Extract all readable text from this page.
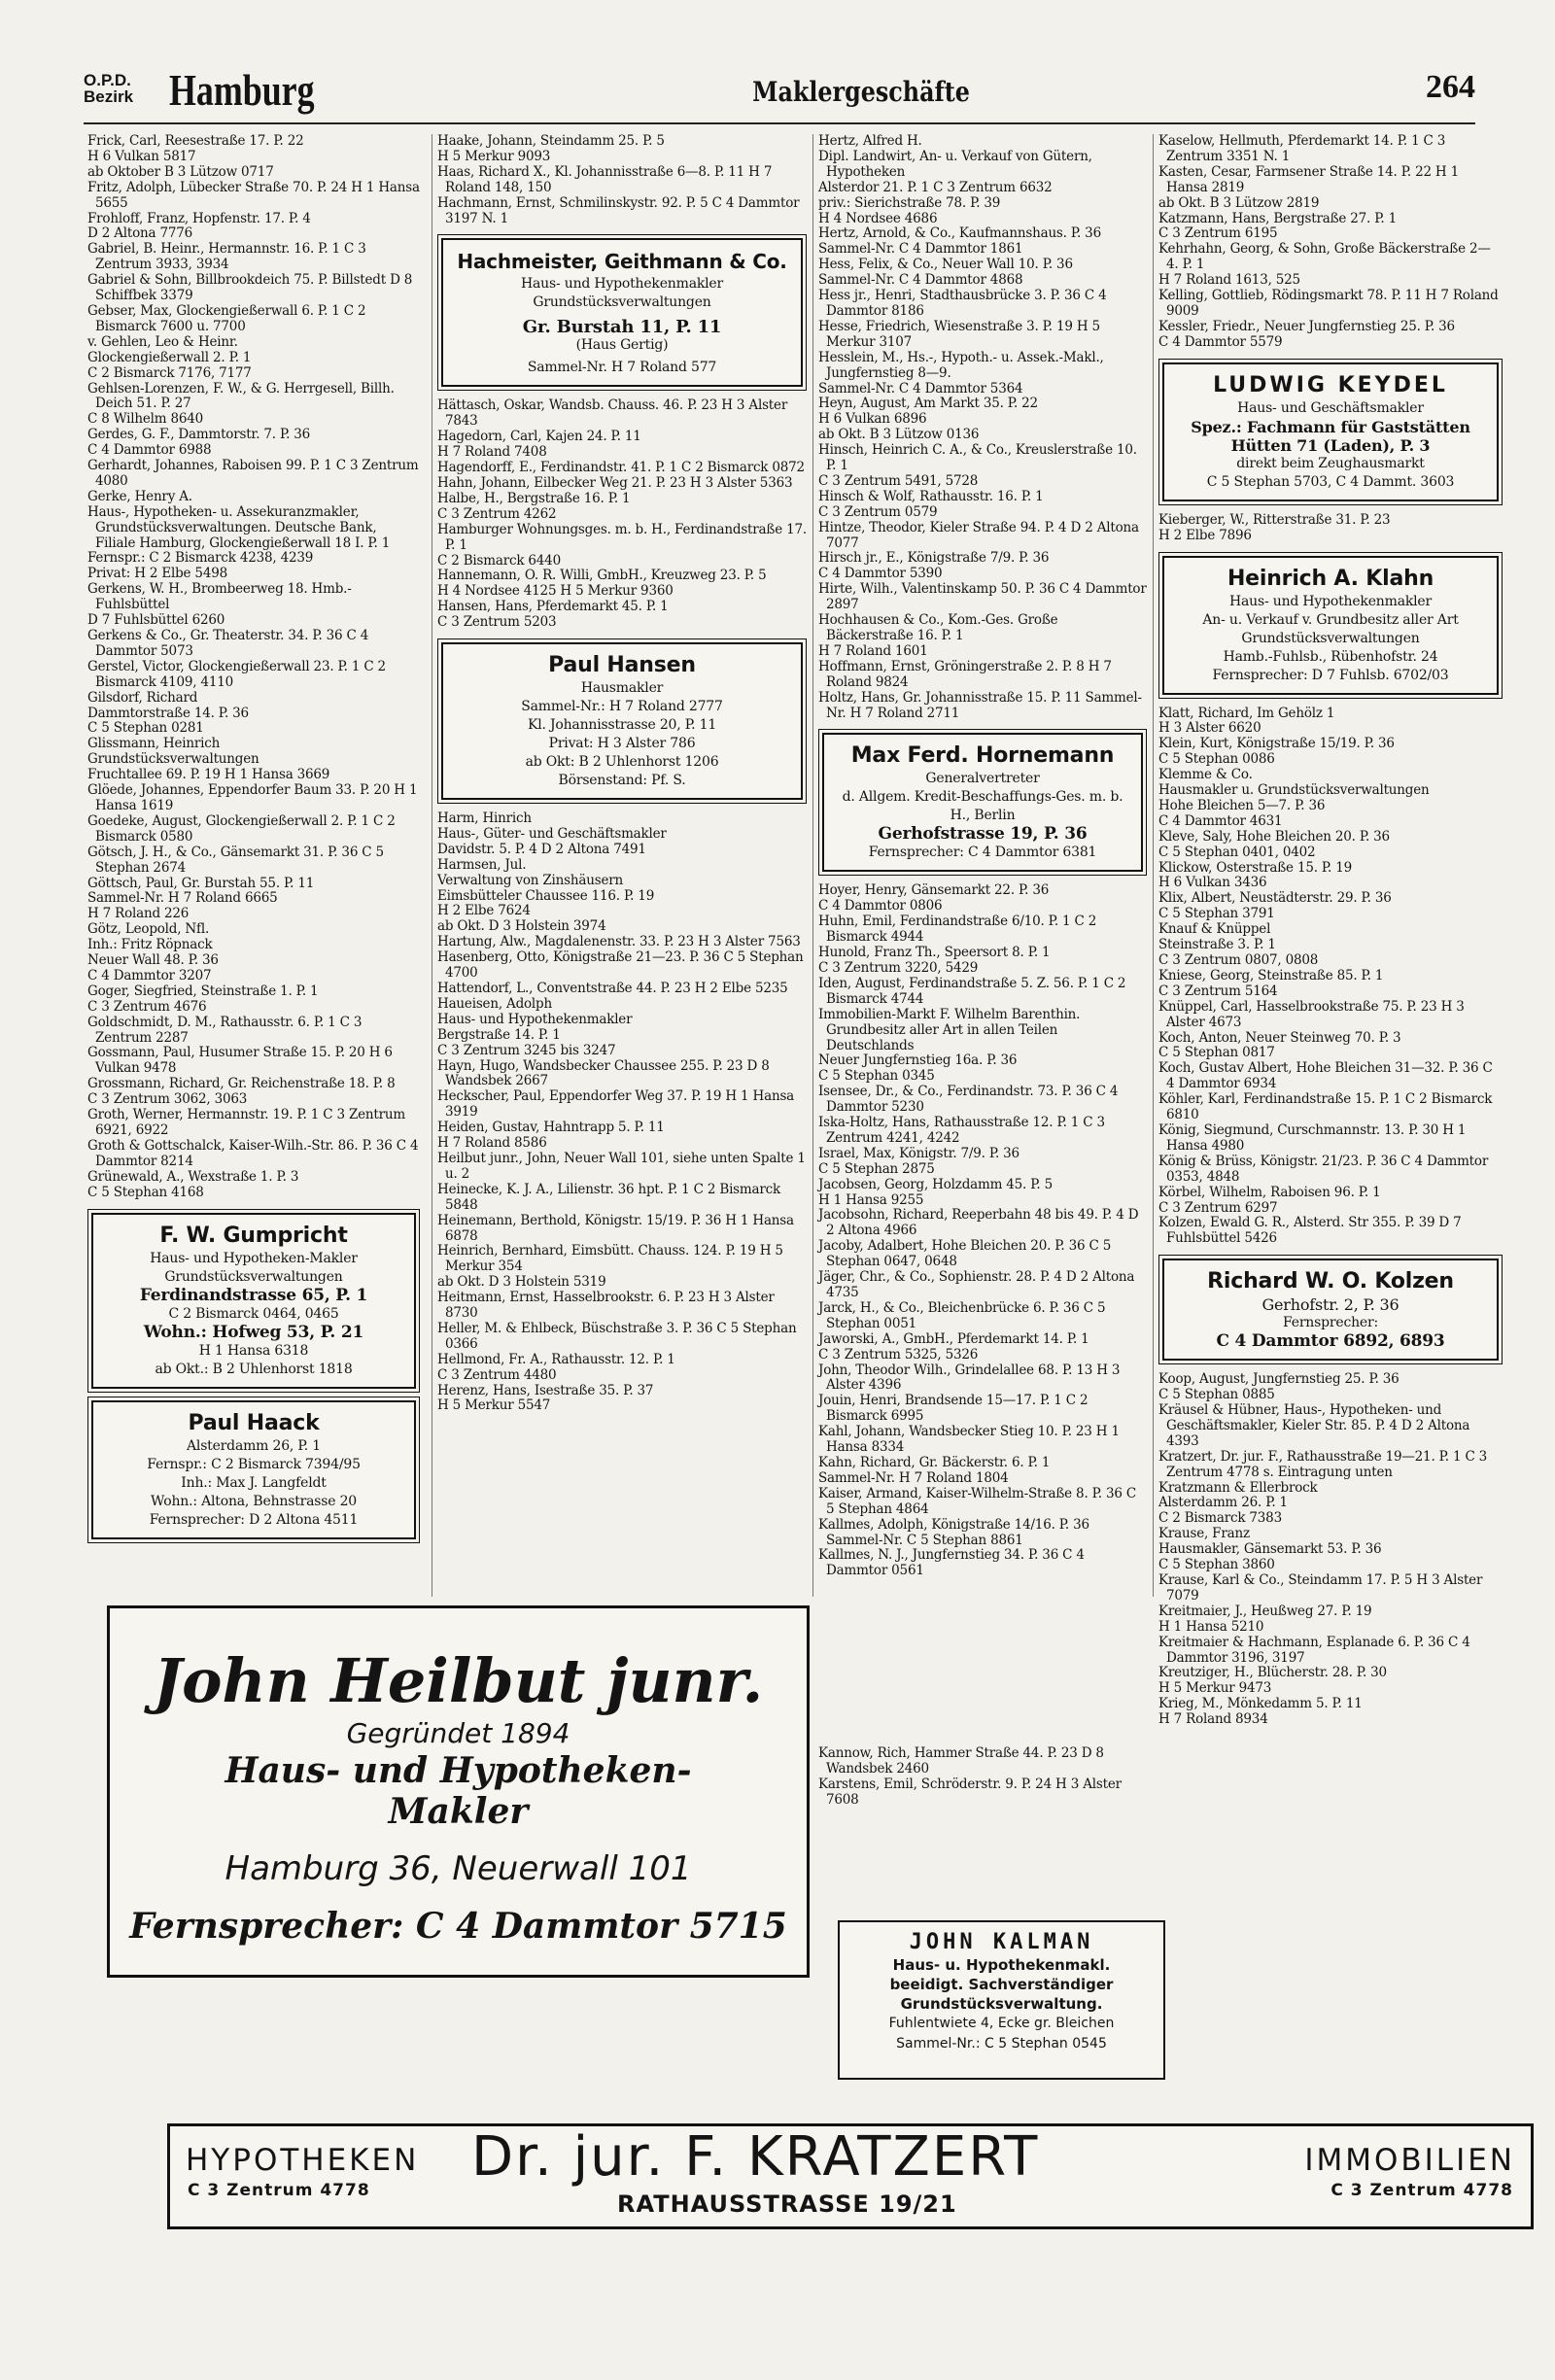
O.P.D.
Bezirk Hamburg	Maklergeschäfte	264

Frick, Carl, Reesestraße 17. P. 22

H 6 Vulkan 5817

ab Oktober B 3 Lützow 0717

Fritz, Adolph, Lübecker Straße 70. P. 24 H 1 Hansa 5655

Frohloff, Franz, Hopfenstr. 17. P. 4

D 2 Altona 7776

Gabriel, B. Heinr., Hermannstr. 16. P. 1 C 3 Zentrum 3933, 3934

Gabriel & Sohn, Billbrookdeich 75. P. Billstedt D 8 Schiffbek 3379

Gebser, Max, Glockengießerwall 6. P. 1 C 2 Bismarck 7600 u. 7700

v. Gehlen, Leo & Heinr.

Glockengießerwall 2. P. 1

C 2 Bismarck 7176, 7177

Gehlsen-Lorenzen, F. W., & G. Herrgesell, Billh. Deich 51. P. 27

C 8 Wilhelm 8640

Gerdes, G. F., Dammtorstr. 7. P. 36

C 4 Dammtor 6988

Gerhardt, Johannes, Raboisen 99. P. 1 C 3 Zentrum 4080

Gerke, Henry A.

Haus-, Hypotheken- u. Assekuranzmakler, Grundstücksverwaltungen. Deutsche Bank, Filiale Hamburg, Glockengießerwall 18 I. P. 1

Fernspr.: C 2 Bismarck 4238, 4239

Privat: H 2 Elbe 5498

Gerkens, W. H., Brombeerweg 18. Hmb.-Fuhlsbüttel

D 7 Fuhlsbüttel 6260

Gerkens & Co., Gr. Theaterstr. 34. P. 36 C 4 Dammtor 5073

Gerstel, Victor, Glockengießerwall 23. P. 1 C 2 Bismarck 4109, 4110

Gilsdorf, Richard

Dammtorstraße 14. P. 36

C 5 Stephan 0281

Glissmann, Heinrich

Grundstücksverwaltungen

Fruchtallee 69. P. 19 H 1 Hansa 3669

Glöede, Johannes, Eppendorfer Baum 33. P. 20 H 1 Hansa 1619

Goedeke, August, Glockengießerwall 2. P. 1 C 2 Bismarck 0580

Götsch, J. H., & Co., Gänsemarkt 31. P. 36 C 5 Stephan 2674

Göttsch, Paul, Gr. Burstah 55. P. 11

Sammel-Nr. H 7 Roland 6665

H 7 Roland 226

Götz, Leopold, Nfl.

Inh.: Fritz Röpnack

Neuer Wall 48. P. 36

C 4 Dammtor 3207

Goger, Siegfried, Steinstraße 1. P. 1

C 3 Zentrum 4676

Goldschmidt, D. M., Rathausstr. 6. P. 1 C 3 Zentrum 2287

Gossmann, Paul, Husumer Straße 15. P. 20 H 6 Vulkan 9478

Grossmann, Richard, Gr. Reichenstraße 18. P. 8

C 3 Zentrum 3062, 3063

Groth, Werner, Hermannstr. 19. P. 1 C 3 Zentrum 6921, 6922

Groth & Gottschalck, Kaiser-Wilh.-Str. 86. P. 36 C 4 Dammtor 8214

Grünewald, A., Wexstraße 1. P. 3

C 5 Stephan 4168

F. W. Gumpricht
Haus- und Hypotheken-Makler
Grundstücksverwaltungen
Ferdinandstrasse 65, P. 1
C 2 Bismarck 0464, 0465
Wohn.: Hofweg 53, P. 21
H 1 Hansa 6318
ab Okt.: B 2 Uhlenhorst 1818
Paul Haack
Alsterdamm 26, P. 1
Fernspr.: C 2 Bismarck 7394/95
Inh.: Max J. Langfeldt
Wohn.: Altona, Behnstrasse 20
Fernsprecher: D 2 Altona 4511

Haake, Johann, Steindamm 25. P. 5

H 5 Merkur 9093

Haas, Richard X., Kl. Johannisstraße 6—8. P. 11 H 7 Roland 148, 150

Hachmann, Ernst, Schmilinskystr. 92. P. 5 C 4 Dammtor 3197 N. 1

Hachmeister, Geithmann & Co.
Haus- und Hypothekenmakler
Grundstücksverwaltungen
Gr. Burstah 11, P. 11
(Haus Gertig)
Sammel-Nr. H 7 Roland 577

Hättasch, Oskar, Wandsb. Chauss. 46. P. 23 H 3 Alster 7843

Hagedorn, Carl, Kajen 24. P. 11

H 7 Roland 7408

Hagendorff, E., Ferdinandstr. 41. P. 1 C 2 Bismarck 0872

Hahn, Johann, Eilbecker Weg 21. P. 23 H 3 Alster 5363

Halbe, H., Bergstraße 16. P. 1

C 3 Zentrum 4262

Hamburger Wohnungsges. m. b. H., Ferdinandstraße 17. P. 1

C 2 Bismarck 6440

Hannemann, O. R. Willi, GmbH., Kreuzweg 23. P. 5

H 4 Nordsee 4125 H 5 Merkur 9360

Hansen, Hans, Pferdemarkt 45. P. 1

C 3 Zentrum 5203

Paul Hansen
Hausmakler
Sammel-Nr.: H 7 Roland 2777
Kl. Johannisstrasse 20, P. 11
Privat: H 3 Alster 786
ab Okt: B 2 Uhlenhorst 1206
Börsenstand: Pf. S.

Harm, Hinrich

Haus-, Güter- und Geschäftsmakler

Davidstr. 5. P. 4 D 2 Altona 7491

Harmsen, Jul.

Verwaltung von Zinshäusern

Eimsbütteler Chaussee 116. P. 19

H 2 Elbe 7624

ab Okt. D 3 Holstein 3974

Hartung, Alw., Magdalenenstr. 33. P. 23 H 3 Alster 7563

Hasenberg, Otto, Königstraße 21—23. P. 36 C 5 Stephan 4700

Hattendorf, L., Conventstraße 44. P. 23 H 2 Elbe 5235

Haueisen, Adolph

Haus- und Hypothekenmakler

Bergstraße 14. P. 1

C 3 Zentrum 3245 bis 3247

Hayn, Hugo, Wandsbecker Chaussee 255. P. 23 D 8 Wandsbek 2667

Heckscher, Paul, Eppendorfer Weg 37. P. 19 H 1 Hansa 3919

Heiden, Gustav, Hahntrapp 5. P. 11

H 7 Roland 8586

Heilbut junr., John, Neuer Wall 101, siehe unten Spalte 1 u. 2

Heinecke, K. J. A., Lilienstr. 36 hpt. P. 1 C 2 Bismarck 5848

Heinemann, Berthold, Königstr. 15/19. P. 36 H 1 Hansa 6878

Heinrich, Bernhard, Eimsbütt. Chauss. 124. P. 19 H 5 Merkur 354

ab Okt. D 3 Holstein 5319

Heitmann, Ernst, Hasselbrookstr. 6. P. 23 H 3 Alster 8730

Heller, M. & Ehlbeck, Büschstraße 3. P. 36 C 5 Stephan 0366

Hellmond, Fr. A., Rathausstr. 12. P. 1

C 3 Zentrum 4480

Herenz, Hans, Isestraße 35. P. 37

H 5 Merkur 5547

Hertz, Alfred H.

Dipl. Landwirt, An- u. Verkauf von Gütern, Hypotheken

Alsterdor 21. P. 1 C 3 Zentrum 6632

priv.: Sierichstraße 78. P. 39

H 4 Nordsee 4686

Hertz, Arnold, & Co., Kaufmannshaus. P. 36

Sammel-Nr. C 4 Dammtor 1861

Hess, Felix, & Co., Neuer Wall 10. P. 36

Sammel-Nr. C 4 Dammtor 4868

Hess jr., Henri, Stadthausbrücke 3. P. 36 C 4 Dammtor 8186

Hesse, Friedrich, Wiesenstraße 3. P. 19 H 5 Merkur 3107

Hesslein, M., Hs.-, Hypoth.- u. Assek.-Makl., Jungfernstieg 8—9.

Sammel-Nr. C 4 Dammtor 5364

Heyn, August, Am Markt 35. P. 22

H 6 Vulkan 6896

ab Okt. B 3 Lützow 0136

Hinsch, Heinrich C. A., & Co., Kreuslerstraße 10. P. 1

C 3 Zentrum 5491, 5728

Hinsch & Wolf, Rathausstr. 16. P. 1

C 3 Zentrum 0579

Hintze, Theodor, Kieler Straße 94. P. 4 D 2 Altona 7077

Hirsch jr., E., Königstraße 7/9. P. 36

C 4 Dammtor 5390

Hirte, Wilh., Valentinskamp 50. P. 36 C 4 Dammtor 2897

Hochhausen & Co., Kom.-Ges. Große Bäckerstraße 16. P. 1

H 7 Roland 1601

Hoffmann, Ernst, Gröningerstraße 2. P. 8 H 7 Roland 9824

Holtz, Hans, Gr. Johannisstraße 15. P. 11 Sammel-Nr. H 7 Roland 2711

Max Ferd. Hornemann
Generalvertreter
d. Allgem. Kredit-Beschaffungs-Ges. m. b. H., Berlin
Gerhofstrasse 19, P. 36
Fernsprecher: C 4 Dammtor 6381

Hoyer, Henry, Gänsemarkt 22. P. 36

C 4 Dammtor 0806

Huhn, Emil, Ferdinandstraße 6/10. P. 1 C 2 Bismarck 4944

Hunold, Franz Th., Speersort 8. P. 1

C 3 Zentrum 3220, 5429

Iden, August, Ferdinandstraße 5. Z. 56. P. 1 C 2 Bismarck 4744

Immobilien-Markt F. Wilhelm Barenthin. Grundbesitz aller Art in allen Teilen Deutschlands

Neuer Jungfernstieg 16a. P. 36

C 5 Stephan 0345

Isensee, Dr., & Co., Ferdinandstr. 73. P. 36 C 4 Dammtor 5230

Iska-Holtz, Hans, Rathausstraße 12. P. 1 C 3 Zentrum 4241, 4242

Israel, Max, Königstr. 7/9. P. 36

C 5 Stephan 2875

Jacobsen, Georg, Holzdamm 45. P. 5

H 1 Hansa 9255

Jacobsohn, Richard, Reeperbahn 48 bis 49. P. 4 D 2 Altona 4966

Jacoby, Adalbert, Hohe Bleichen 20. P. 36 C 5 Stephan 0647, 0648

Jäger, Chr., & Co., Sophienstr. 28. P. 4 D 2 Altona 4735

Jarck, H., & Co., Bleichenbrücke 6. P. 36 C 5 Stephan 0051

Jaworski, A., GmbH., Pferdemarkt 14. P. 1

C 3 Zentrum 5325, 5326

John, Theodor Wilh., Grindelallee 68. P. 13 H 3 Alster 4396

Jouin, Henri, Brandsende 15—17. P. 1 C 2 Bismarck 6995

Kahl, Johann, Wandsbecker Stieg 10. P. 23 H 1 Hansa 8334

Kahn, Richard, Gr. Bäckerstr. 6. P. 1

Sammel-Nr. H 7 Roland 1804

Kaiser, Armand, Kaiser-Wilhelm-Straße 8. P. 36 C 5 Stephan 4864

Kallmes, Adolph, Königstraße 14/16. P. 36 Sammel-Nr. C 5 Stephan 8861

Kallmes, N. J., Jungfernstieg 34. P. 36 C 4 Dammtor 0561

Kannow, Rich, Hammer Straße 44. P. 23 D 8 Wandsbek 2460

Karstens, Emil, Schröderstr. 9. P. 24 H 3 Alster 7608

Kaselow, Hellmuth, Pferdemarkt 14. P. 1 C 3 Zentrum 3351 N. 1

Kasten, Cesar, Farmsener Straße 14. P. 22 H 1 Hansa 2819

ab Okt. B 3 Lützow 2819

Katzmann, Hans, Bergstraße 27. P. 1

C 3 Zentrum 6195

Kehrhahn, Georg, & Sohn, Große Bäckerstraße 2—4. P. 1

H 7 Roland 1613, 525

Kelling, Gottlieb, Rödingsmarkt 78. P. 11 H 7 Roland 9009

Kessler, Friedr., Neuer Jungfernstieg 25. P. 36

C 4 Dammtor 5579

LUDWIG KEYDEL
Haus- und Geschäftsmakler
Spez.: Fachmann für Gaststätten
Hütten 71 (Laden), P. 3
direkt beim Zeughausmarkt
C 5 Stephan 5703, C 4 Dammt. 3603

Kieberger, W., Ritterstraße 31. P. 23

H 2 Elbe 7896

Heinrich A. Klahn
Haus- und Hypothekenmakler
An- u. Verkauf v. Grundbesitz aller Art
Grundstücksverwaltungen
Hamb.-Fuhlsb., Rübenhofstr. 24
Fernsprecher: D 7 Fuhlsb. 6702/03

Klatt, Richard, Im Gehölz 1

H 3 Alster 6620

Klein, Kurt, Königstraße 15/19. P. 36

C 5 Stephan 0086

Klemme & Co.

Hausmakler u. Grundstücksverwaltungen

Hohe Bleichen 5—7. P. 36

C 4 Dammtor 4631

Kleve, Saly, Hohe Bleichen 20. P. 36

C 5 Stephan 0401, 0402

Klickow, Osterstraße 15. P. 19

H 6 Vulkan 3436

Klix, Albert, Neustädterstr. 29. P. 36

C 5 Stephan 3791

Knauf & Knüppel

Steinstraße 3. P. 1

C 3 Zentrum 0807, 0808

Kniese, Georg, Steinstraße 85. P. 1

C 3 Zentrum 5164

Knüppel, Carl, Hasselbrookstraße 75. P. 23 H 3 Alster 4673

Koch, Anton, Neuer Steinweg 70. P. 3

C 5 Stephan 0817

Koch, Gustav Albert, Hohe Bleichen 31—32. P. 36 C 4 Dammtor 6934

Köhler, Karl, Ferdinandstraße 15. P. 1 C 2 Bismarck 6810

König, Siegmund, Curschmannstr. 13. P. 30 H 1 Hansa 4980

König & Brüss, Königstr. 21/23. P. 36 C 4 Dammtor 0353, 4848

Körbel, Wilhelm, Raboisen 96. P. 1

C 3 Zentrum 6297

Kolzen, Ewald G. R., Alsterd. Str 355. P. 39 D 7 Fuhlsbüttel 5426

Richard W. O. Kolzen
Gerhofstr. 2, P. 36
Fernsprecher:
C 4 Dammtor 6892, 6893

Koop, August, Jungfernstieg 25. P. 36

C 5 Stephan 0885

Kräusel & Hübner, Haus-, Hypotheken- und Geschäftsmakler, Kieler Str. 85. P. 4 D 2 Altona 4393

Kratzert, Dr. jur. F., Rathausstraße 19—21. P. 1 C 3 Zentrum 4778 s. Eintragung unten

Kratzmann & Ellerbrock

Alsterdamm 26. P. 1

C 2 Bismarck 7383

Krause, Franz

Hausmakler, Gänsemarkt 53. P. 36

C 5 Stephan 3860

Krause, Karl & Co., Steindamm 17. P. 5 H 3 Alster 7079

Kreitmaier, J., Heußweg 27. P. 19

H 1 Hansa 5210

Kreitmaier & Hachmann, Esplanade 6. P. 36 C 4 Dammtor 3196, 3197

Kreutziger, H., Blücherstr. 28. P. 30

H 5 Merkur 9473

Krieg, M., Mönkedamm 5. P. 11

H 7 Roland 8934

John Heilbut junr.
Gegründet 1894
Haus- und Hypotheken-
Makler
Hamburg 36, Neuerwall 101
Fernsprecher: C 4 Dammtor 5715	JOHN KALMAN
Haus- u. Hypothekenmakl.
beeidigt. Sachverständiger
Grundstücksverwaltung.
Fuhlentwiete 4, Ecke gr. Bleichen
Sammel-Nr.: C 5 Stephan 0545
HYPOTHEKEN
C 3 Zentrum 4778
Dr. jur. F. KRATZERT
RATHAUSSTRASSE 19/21
IMMOBILIEN
C 3 Zentrum 4778
